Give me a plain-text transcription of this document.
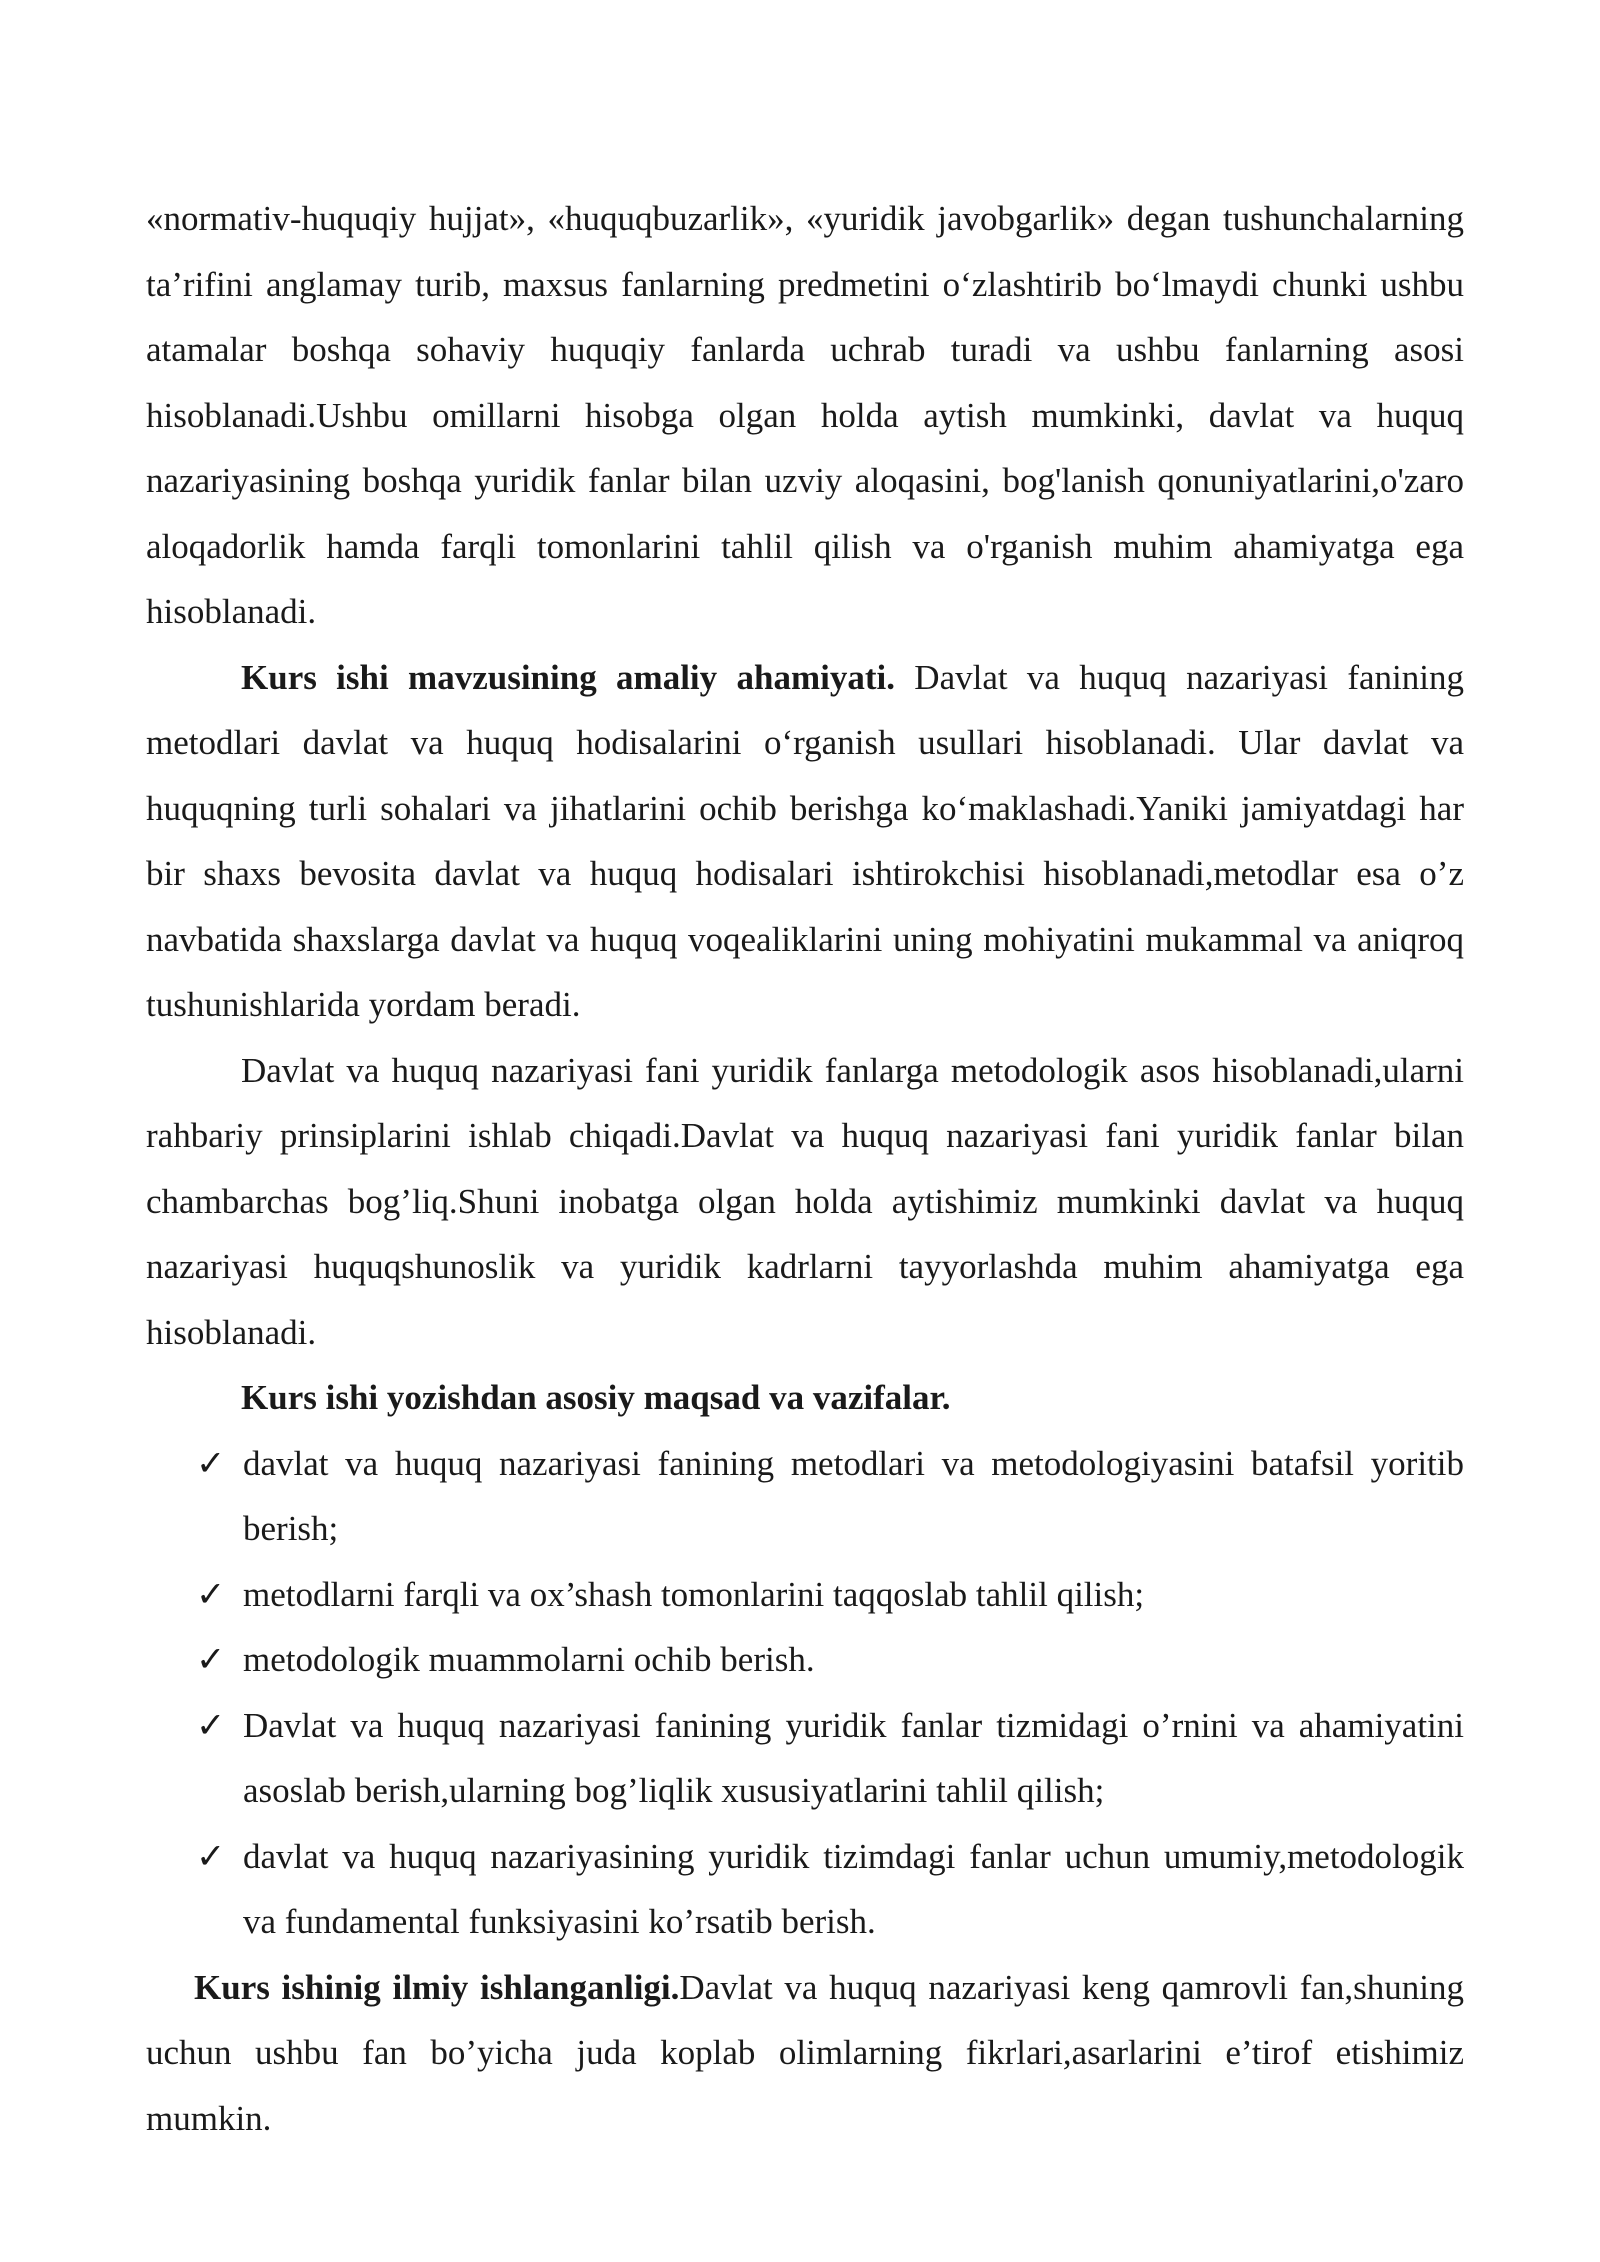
«normativ-huquqiy hujjat», «huquqbuzarlik», «yuridik javobgarlik» degan tushunchalarning ta’rifini anglamay turib, maxsus fanlarning predmetini o‘zlashtirib bo‘lmaydi chunki ushbu atamalar boshqa sohaviy huquqiy fanlarda uchrab turadi va ushbu fanlarning asosi hisoblanadi.Ushbu omillarni hisobga olgan holda aytish mumkinki, davlat va huquq nazariyasining boshqa yuridik fanlar bilan uzviy aloqasini, bog'lanish qonuniyatlarini,o'zaro aloqadorlik hamda farqli tomonlarini tahlil qilish va o'rganish muhim ahamiyatga ega hisoblanadi.

Kurs ishi mavzusining amaliy ahamiyati. Davlat va huquq nazariyasi fanining metodlari davlat va huquq hodisalarini o‘rganish usullari hisoblanadi. Ular davlat va huquqning turli sohalari va jihatlarini ochib berishga ko‘maklashadi.Yaniki jamiyatdagi har bir shaxs bevosita davlat va huquq hodisalari ishtirokchisi hisoblanadi,metodlar esa o’z navbatida shaxslarga davlat va huquq voqealiklarini uning mohiyatini mukammal va aniqroq tushunishlarida yordam beradi.

Davlat va huquq nazariyasi fani yuridik fanlarga metodologik asos hisoblanadi,ularni rahbariy prinsiplarini ishlab chiqadi.Davlat va huquq nazariyasi fani yuridik fanlar bilan chambarchas bog’liq.Shuni inobatga olgan holda aytishimiz mumkinki davlat va huquq nazariyasi huquqshunoslik va yuridik kadrlarni tayyorlashda muhim ahamiyatga ega hisoblanadi.

Kurs ishi yozishdan asosiy maqsad va vazifalar.
✓ davlat va huquq nazariyasi fanining metodlari va metodologiyasini batafsil yoritib berish;
✓ metodlarni farqli va ox’shash tomonlarini taqqoslab tahlil qilish;
✓ metodologik muammolarni ochib berish.
✓ Davlat va huquq nazariyasi fanining yuridik fanlar tizmidagi o’rnini va ahamiyatini asoslab berish,ularning bog’liqlik xususiyatlarini tahlil qilish;
✓ davlat va huquq nazariyasining yuridik tizimdagi fanlar uchun umumiy,metodologik va fundamental funksiyasini ko’rsatib berish.

Kurs ishinig ilmiy ishlanganligi.Davlat va huquq nazariyasi keng qamrovli fan,shuning uchun ushbu fan bo’yicha juda koplab olimlarning fikrlari,asarlarini e’tirof etishimiz mumkin.
